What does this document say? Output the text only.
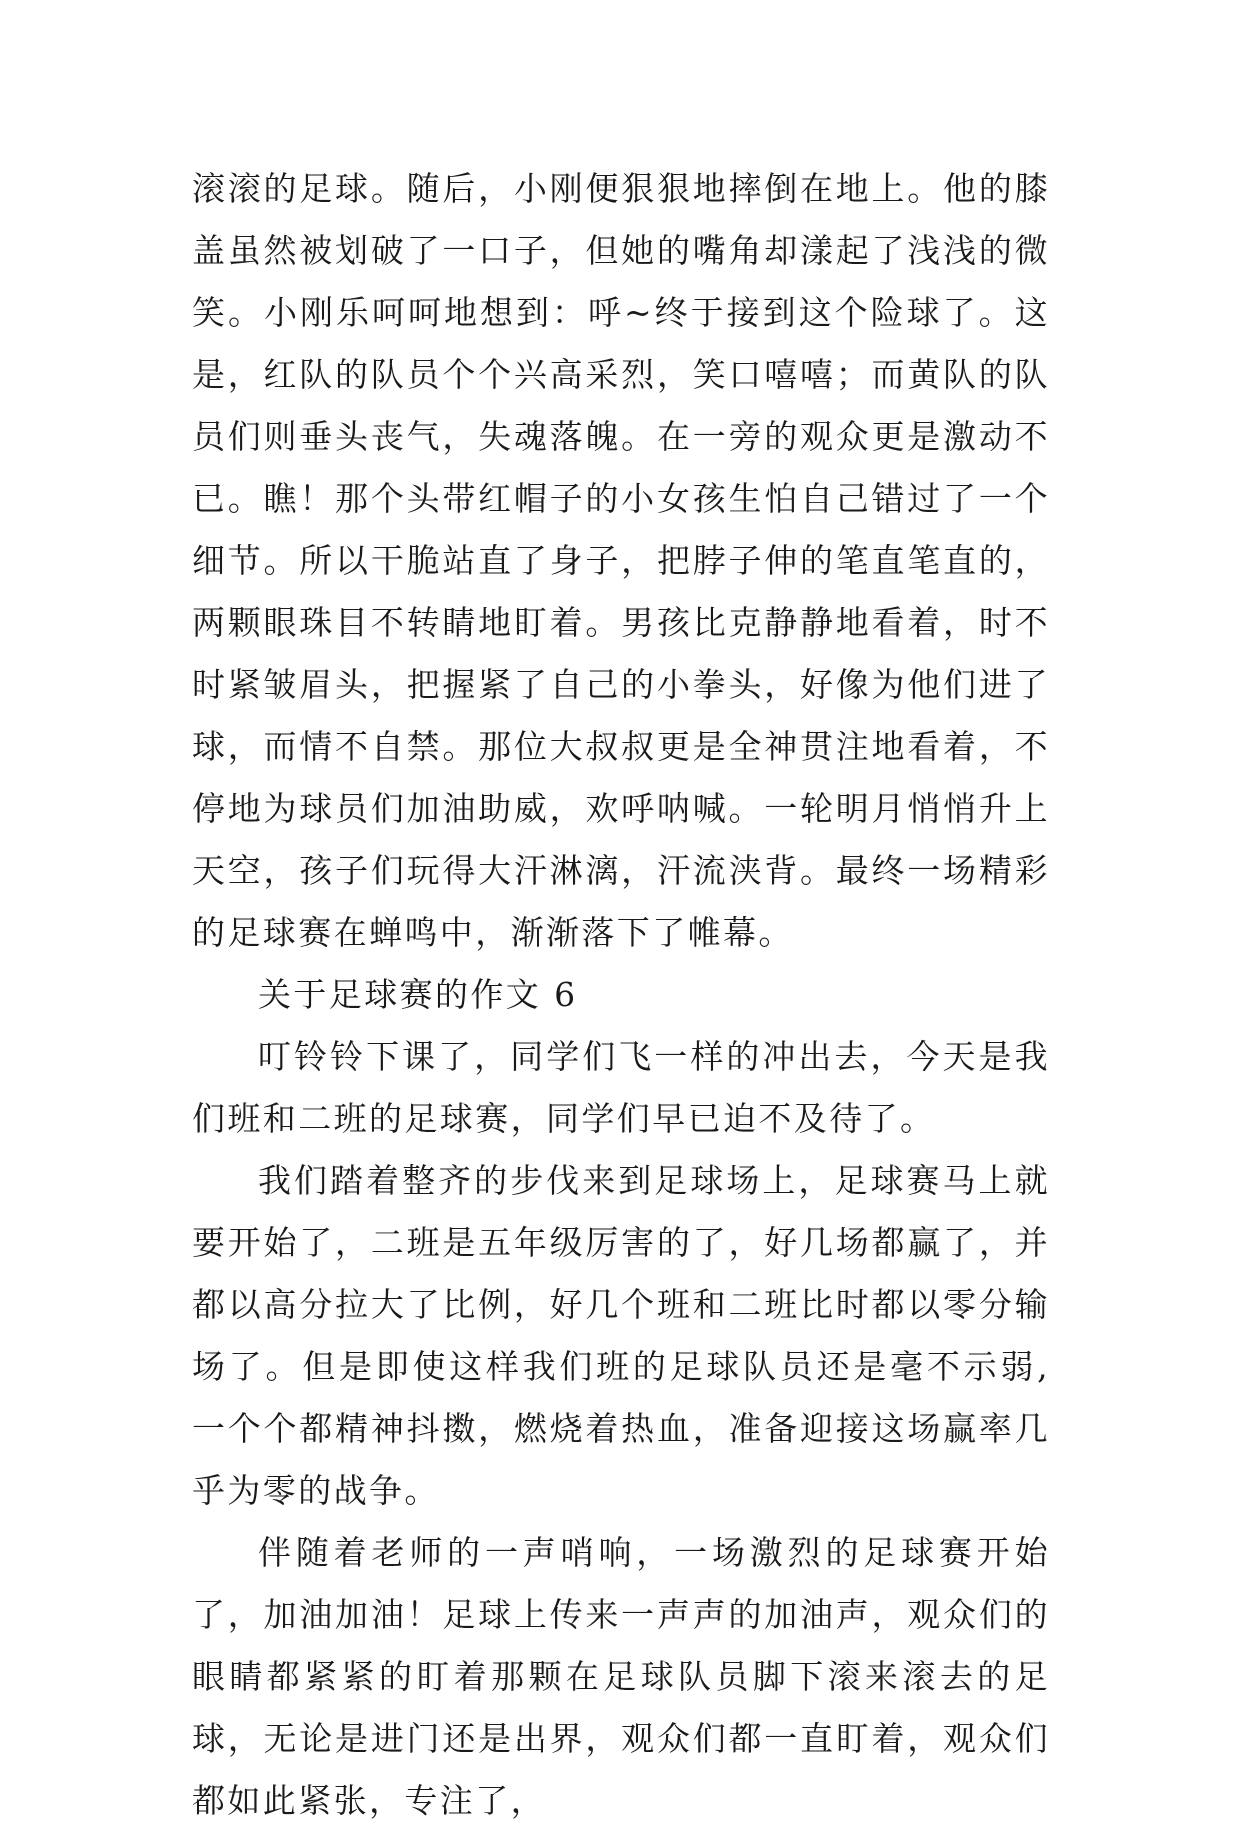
滚滚的足球。随后，小刚便狠狠地摔倒在地上。他的膝盖虽然被划破了一口子，但她的嘴角却漾起了浅浅的微笑。小刚乐呵呵地想到：呼~终于接到这个险球了。这是，红队的队员个个兴高采烈，笑口嘻嘻；而黄队的队员们则垂头丧气，失魂落魄。在一旁的观众更是激动不已。瞧！那个头带红帽子的小女孩生怕自己错过了一个细节。所以干脆站直了身子，把脖子伸的笔直笔直的，两颗眼珠目不转睛地盯着。男孩比克静静地看着，时不时紧皱眉头，把握紧了自己的小拳头，好像为他们进了球，而情不自禁。那位大叔叔更是全神贯注地看着，不停地为球员们加油助威，欢呼呐喊。一轮明月悄悄升上天空，孩子们玩得大汗淋漓，汗流浃背。最终一场精彩的足球赛在蝉鸣中，渐渐落下了帷幕。

关于足球赛的作文 6

叮铃铃下课了，同学们飞一样的冲出去，今天是我们班和二班的足球赛，同学们早已迫不及待了。

我们踏着整齐的步伐来到足球场上，足球赛马上就要开始了，二班是五年级厉害的了，好几场都赢了，并都以高分拉大了比例，好几个班和二班比时都以零分输场了。但是即使这样我们班的足球队员还是毫不示弱,一个个都精神抖擞，燃烧着热血，准备迎接这场赢率几乎为零的战争。

伴随着老师的一声哨响，一场激烈的足球赛开始了，加油加油！足球上传来一声声的加油声，观众们的眼睛都紧紧的盯着那颗在足球队员脚下滚来滚去的足球，无论是进门还是出界，观众们都一直盯着，观众们都如此紧张，专注了，
